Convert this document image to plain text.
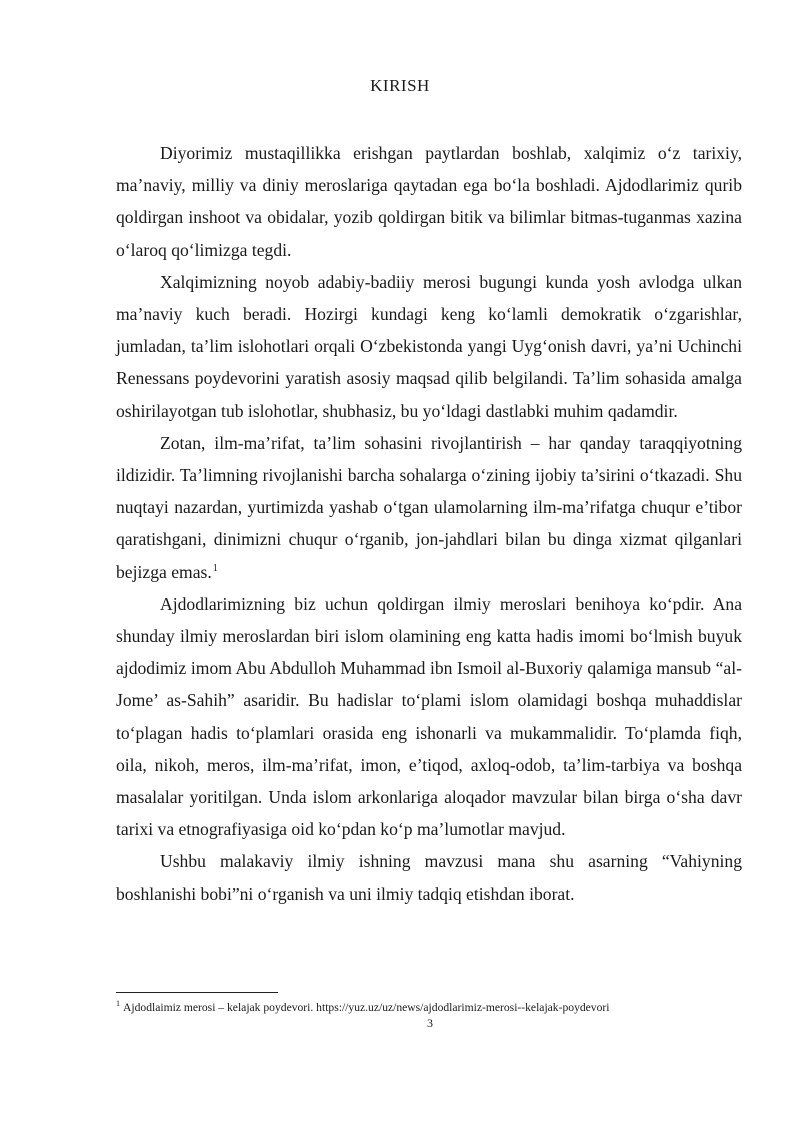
KIRISH

Diyorimiz mustaqillikka erishgan paytlardan boshlab, xalqimiz o‘z tarixiy, ma’naviy, milliy va diniy meroslariga qaytadan ega bo‘la boshladi. Ajdodlarimiz qurib qoldirgan inshoot va obidalar, yozib qoldirgan bitik va bilimlar bitmas-tuganmas xazina o‘laroq qo‘limizga tegdi.

Xalqimizning noyob adabiy-badiiy merosi bugungi kunda yosh avlodga ulkan ma’naviy kuch beradi. Hozirgi kundagi keng ko‘lamli demokratik o‘zgarishlar, jumladan, ta’lim islohotlari orqali O‘zbekistonda yangi Uyg‘onish davri, ya’ni Uchinchi Renessans poydevorini yaratish asosiy maqsad qilib belgilandi. Ta’lim sohasida amalga oshirilayotgan tub islohotlar, shubhasiz, bu yo‘ldagi dastlabki muhim qadamdir.

Zotan, ilm-ma’rifat, ta’lim sohasini rivojlantirish – har qanday taraqqiyotning ildizidir. Ta’limning rivojlanishi barcha sohalarga o‘zining ijobiy ta’sirini o‘tkazadi. Shu nuqtayi nazardan, yurtimizda yashab o‘tgan ulamolarning ilm-ma’rifatga chuqur e’tibor qaratishgani, dinimizni chuqur o‘rganib, jon-jahdlari bilan bu dinga xizmat qilganlari bejizga emas.$^1$

Ajdodlarimizning biz uchun qoldirgan ilmiy meroslari benihoya ko‘pdir. Ana shunday ilmiy meroslardan biri islom olamining eng katta hadis imomi bo‘lmish buyuk ajdodimiz imom Abu Abdulloh Muhammad ibn Ismoil al-Buxoriy qalamiga mansub “al-Jome’ as-Sahih” asaridir. Bu hadislar to‘plami islom olamidagi boshqa muhaddislar to‘plagan hadis to‘plamlari orasida eng ishonarli va mukammalidir. To‘plamda fiqh, oila, nikoh, meros, ilm-ma’rifat, imon, e’tiqod, axloq-odob, ta’lim-tarbiya va boshqa masalalar yoritilgan. Unda islom arkonlariga aloqador mavzular bilan birga o‘sha davr tarixi va etnografiyasiga oid ko‘pdan ko‘p ma’lumotlar mavjud.

Ushbu malakaviy ilmiy ishning mavzusi mana shu asarning “Vahiyning boshlanishi bobi”ni o‘rganish va uni ilmiy tadqiq etishdan iborat.

$^1$ Ajdodlaimiz merosi – kelajak poydevori. https://yuz.uz/uz/news/ajdodlarimiz-merosi--kelajak-poydevori
3
